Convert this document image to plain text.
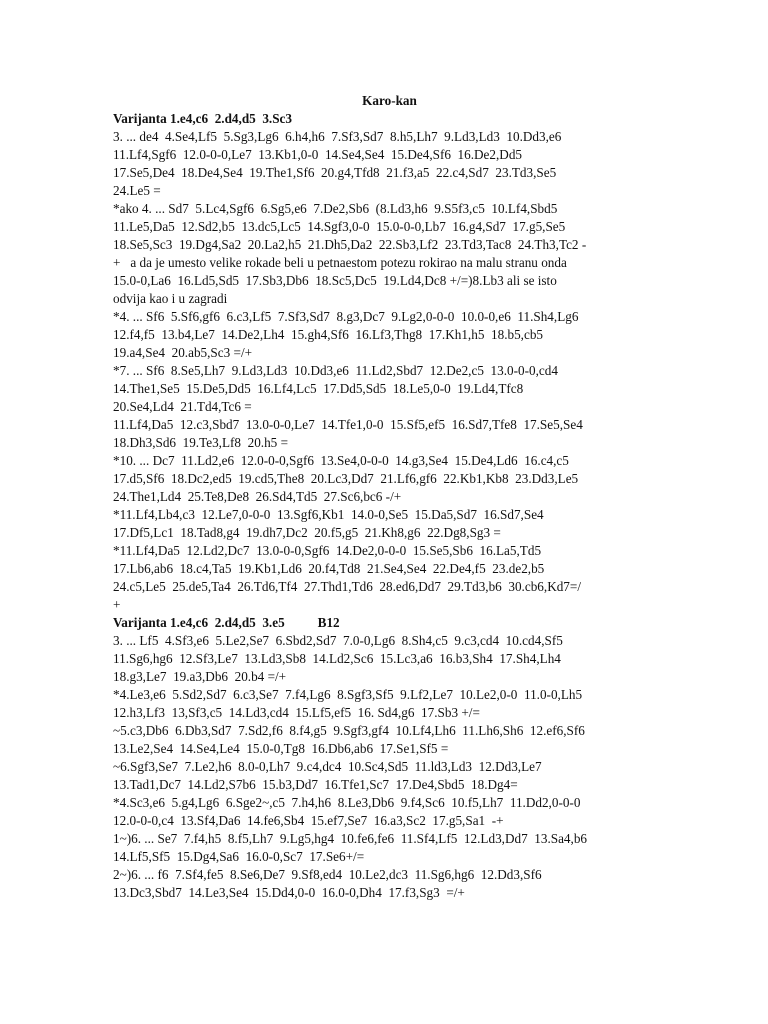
Karo-kan
Varijanta 1.e4,c6  2.d4,d5  3.Sc3
3. ... de4  4.Se4,Lf5  5.Sg3,Lg6  6.h4,h6  7.Sf3,Sd7  8.h5,Lh7  9.Ld3,Ld3  10.Dd3,e6
11.Lf4,Sgf6  12.0-0-0,Le7  13.Kb1,0-0  14.Se4,Se4  15.De4,Sf6  16.De2,Dd5
17.Se5,De4  18.De4,Se4  19.The1,Sf6  20.g4,Tfd8  21.f3,a5  22.c4,Sd7  23.Td3,Se5
24.Le5 =
*ako 4. ... Sd7  5.Lc4,Sgf6  6.Sg5,e6  7.De2,Sb6  (8.Ld3,h6  9.S5f3,c5  10.Lf4,Sbd5
11.Le5,Da5  12.Sd2,b5  13.dc5,Lc5  14.Sgf3,0-0  15.0-0-0,Lb7  16.g4,Sd7  17.g5,Se5
18.Se5,Sc3  19.Dg4,Sa2  20.La2,h5  21.Dh5,Da2  22.Sb3,Lf2  23.Td3,Tac8  24.Th3,Tc2 -
+   a da je umesto velike rokade beli u petnaestom potezu rokirao na malu stranu onda
15.0-0,La6  16.Ld5,Sd5  17.Sb3,Db6  18.Sc5,Dc5  19.Ld4,Dc8 +/=)8.Lb3 ali se isto
odvija kao i u zagradi
*4. ... Sf6  5.Sf6,gf6  6.c3,Lf5  7.Sf3,Sd7  8.g3,Dc7  9.Lg2,0-0-0  10.0-0,e6  11.Sh4,Lg6
12.f4,f5  13.b4,Le7  14.De2,Lh4  15.gh4,Sf6  16.Lf3,Thg8  17.Kh1,h5  18.b5,cb5
19.a4,Se4  20.ab5,Sc3 =/+
*7. ... Sf6  8.Se5,Lh7  9.Ld3,Ld3  10.Dd3,e6  11.Ld2,Sbd7  12.De2,c5  13.0-0-0,cd4
14.The1,Se5  15.De5,Dd5  16.Lf4,Lc5  17.Dd5,Sd5  18.Le5,0-0  19.Ld4,Tfc8
20.Se4,Ld4  21.Td4,Tc6 =
11.Lf4,Da5  12.c3,Sbd7  13.0-0-0,Le7  14.Tfe1,0-0  15.Sf5,ef5  16.Sd7,Tfe8  17.Se5,Se4
18.Dh3,Sd6  19.Te3,Lf8  20.h5 =
*10. ... Dc7  11.Ld2,e6  12.0-0-0,Sgf6  13.Se4,0-0-0  14.g3,Se4  15.De4,Ld6  16.c4,c5
17.d5,Sf6  18.Dc2,ed5  19.cd5,The8  20.Lc3,Dd7  21.Lf6,gf6  22.Kb1,Kb8  23.Dd3,Le5
24.The1,Ld4  25.Te8,De8  26.Sd4,Td5  27.Sc6,bc6 -/+
*11.Lf4,Lb4,c3  12.Le7,0-0-0  13.Sgf6,Kb1  14.0-0,Se5  15.Da5,Sd7  16.Sd7,Se4
17.Df5,Lc1  18.Tad8,g4  19.dh7,Dc2  20.f5,g5  21.Kh8,g6  22.Dg8,Sg3 =
*11.Lf4,Da5  12.Ld2,Dc7  13.0-0-0,Sgf6  14.De2,0-0-0  15.Se5,Sb6  16.La5,Td5
17.Lb6,ab6  18.c4,Ta5  19.Kb1,Ld6  20.f4,Td8  21.Se4,Se4  22.De4,f5  23.de2,b5
24.c5,Le5  25.de5,Ta4  26.Td6,Tf4  27.Thd1,Td6  28.ed6,Dd7  29.Td3,b6  30.cb6,Kd7=/
+
Varijanta 1.e4,c6  2.d4,d5  3.e5          B12
3. ... Lf5  4.Sf3,e6  5.Le2,Se7  6.Sbd2,Sd7  7.0-0,Lg6  8.Sh4,c5  9.c3,cd4  10.cd4,Sf5
11.Sg6,hg6  12.Sf3,Le7  13.Ld3,Sb8  14.Ld2,Sc6  15.Lc3,a6  16.b3,Sh4  17.Sh4,Lh4
18.g3,Le7  19.a3,Db6  20.b4 =/+
*4.Le3,e6  5.Sd2,Sd7  6.c3,Se7  7.f4,Lg6  8.Sgf3,Sf5  9.Lf2,Le7  10.Le2,0-0  11.0-0,Lh5
12.h3,Lf3  13,Sf3,c5  14.Ld3,cd4  15.Lf5,ef5  16. Sd4,g6  17.Sb3 +/=
~5.c3,Db6  6.Db3,Sd7  7.Sd2,f6  8.f4,g5  9.Sgf3,gf4  10.Lf4,Lh6  11.Lh6,Sh6  12.ef6,Sf6
13.Le2,Se4  14.Se4,Le4  15.0-0,Tg8  16.Db6,ab6  17.Se1,Sf5 =
~6.Sgf3,Se7  7.Le2,h6  8.0-0,Lh7  9.c4,dc4  10.Sc4,Sd5  11.ld3,Ld3  12.Dd3,Le7
13.Tad1,Dc7  14.Ld2,S7b6  15.b3,Dd7  16.Tfe1,Sc7  17.De4,Sbd5  18.Dg4=
*4.Sc3,e6  5.g4,Lg6  6.Sge2~,c5  7.h4,h6  8.Le3,Db6  9.f4,Sc6  10.f5,Lh7  11.Dd2,0-0-0
12.0-0-0,c4  13.Sf4,Da6  14.fe6,Sb4  15.ef7,Se7  16.a3,Sc2  17.g5,Sa1  -+
1~)6. ... Se7  7.f4,h5  8.f5,Lh7  9.Lg5,hg4  10.fe6,fe6  11.Sf4,Lf5  12.Ld3,Dd7  13.Sa4,b6
14.Lf5,Sf5  15.Dg4,Sa6  16.0-0,Sc7  17.Se6+/=
2~)6. ... f6  7.Sf4,fe5  8.Se6,De7  9.Sf8,ed4  10.Le2,dc3  11.Sg6,hg6  12.Dd3,Sf6
13.Dc3,Sbd7  14.Le3,Se4  15.Dd4,0-0  16.0-0,Dh4  17.f3,Sg3  =/+
